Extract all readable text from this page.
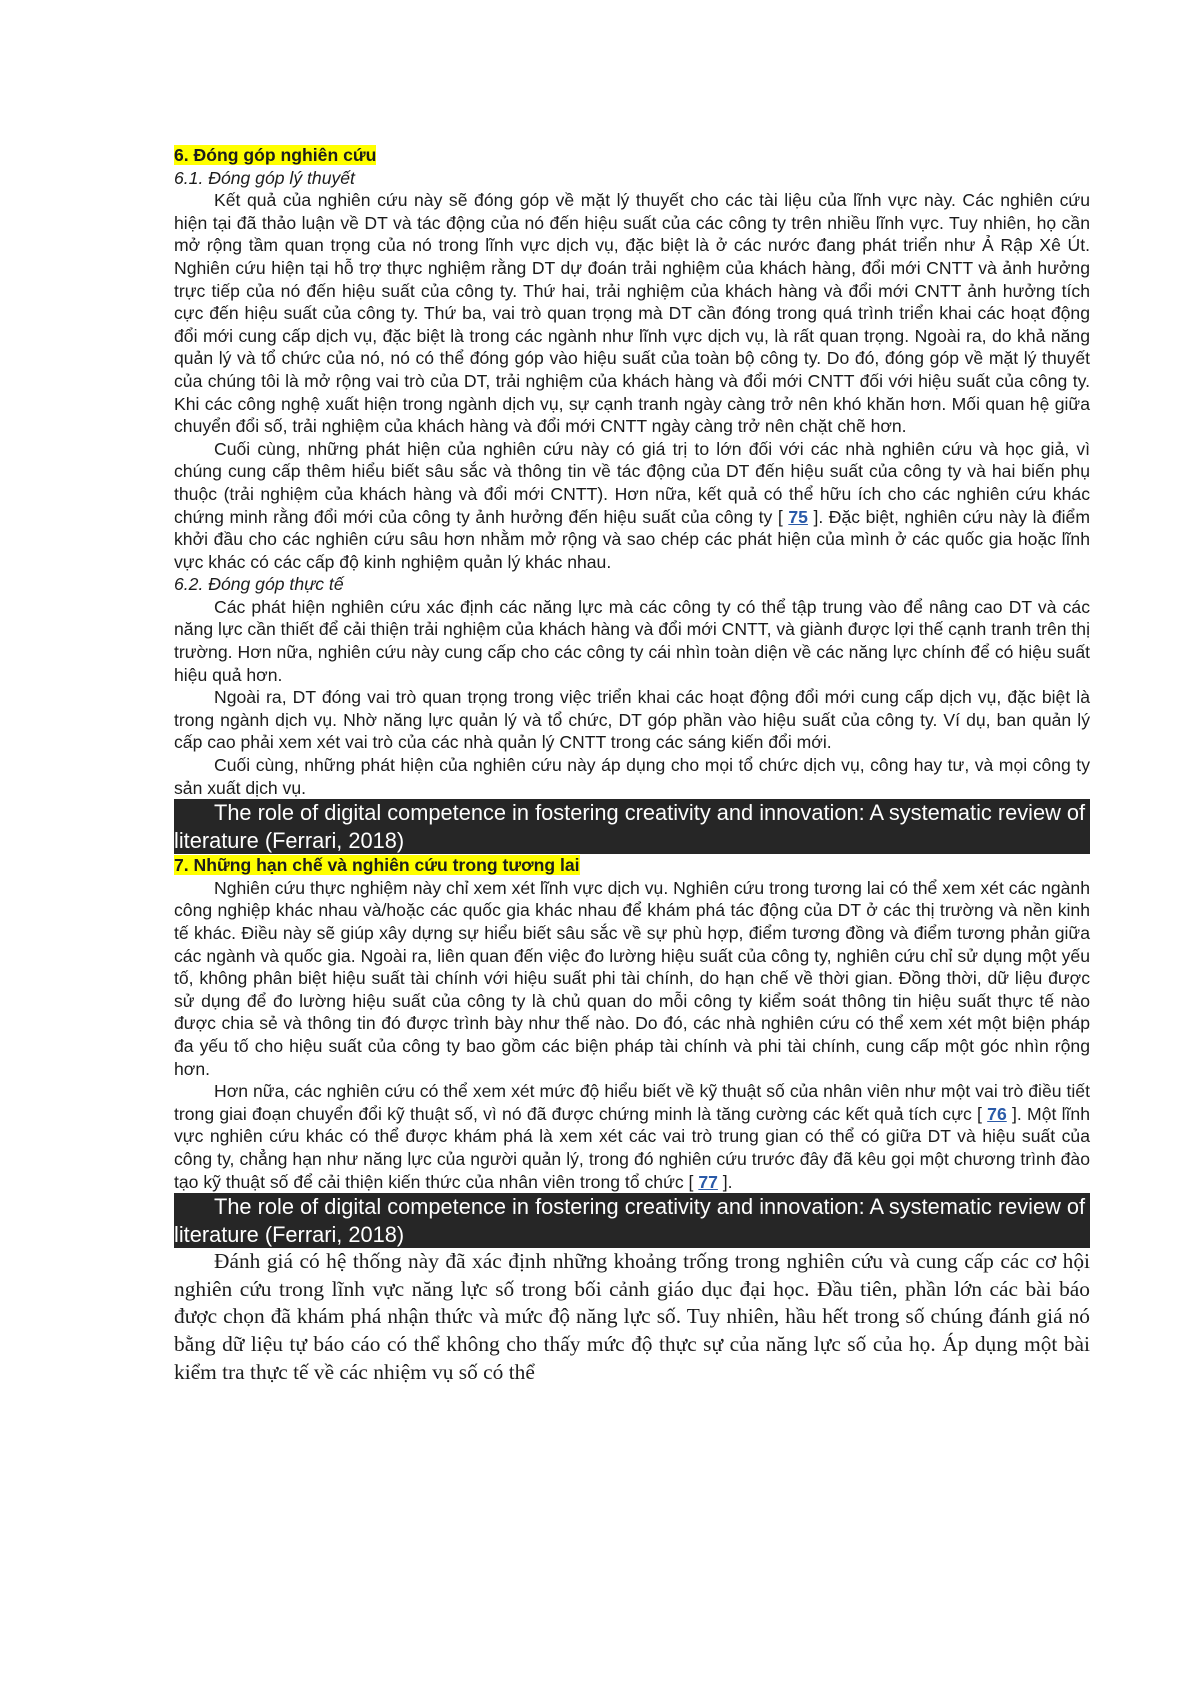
6. Đóng góp nghiên cứu
6.1. Đóng góp lý thuyết

Kết quả của nghiên cứu này sẽ đóng góp về mặt lý thuyết cho các tài liệu của lĩnh vực này. Các nghiên cứu hiện tại đã thảo luận về DT và tác động của nó đến hiệu suất của các công ty trên nhiều lĩnh vực. Tuy nhiên, họ cần mở rộng tầm quan trọng của nó trong lĩnh vực dịch vụ, đặc biệt là ở các nước đang phát triển như Ả Rập Xê Út. Nghiên cứu hiện tại hỗ trợ thực nghiệm rằng DT dự đoán trải nghiệm của khách hàng, đổi mới CNTT và ảnh hưởng trực tiếp của nó đến hiệu suất của công ty. Thứ hai, trải nghiệm của khách hàng và đổi mới CNTT ảnh hưởng tích cực đến hiệu suất của công ty. Thứ ba, vai trò quan trọng mà DT cần đóng trong quá trình triển khai các hoạt động đổi mới cung cấp dịch vụ, đặc biệt là trong các ngành như lĩnh vực dịch vụ, là rất quan trọng. Ngoài ra, do khả năng quản lý và tổ chức của nó, nó có thể đóng góp vào hiệu suất của toàn bộ công ty. Do đó, đóng góp về mặt lý thuyết của chúng tôi là mở rộng vai trò của DT, trải nghiệm của khách hàng và đổi mới CNTT đối với hiệu suất của công ty. Khi các công nghệ xuất hiện trong ngành dịch vụ, sự cạnh tranh ngày càng trở nên khó khăn hơn. Mối quan hệ giữa chuyển đổi số, trải nghiệm của khách hàng và đổi mới CNTT ngày càng trở nên chặt chẽ hơn.

Cuối cùng, những phát hiện của nghiên cứu này có giá trị to lớn đối với các nhà nghiên cứu và học giả, vì chúng cung cấp thêm hiểu biết sâu sắc và thông tin về tác động của DT đến hiệu suất của công ty và hai biến phụ thuộc (trải nghiệm của khách hàng và đổi mới CNTT). Hơn nữa, kết quả có thể hữu ích cho các nghiên cứu khác chứng minh rằng đổi mới của công ty ảnh hưởng đến hiệu suất của công ty [ 75 ]. Đặc biệt, nghiên cứu này là điểm khởi đầu cho các nghiên cứu sâu hơn nhằm mở rộng và sao chép các phát hiện của mình ở các quốc gia hoặc lĩnh vực khác có các cấp độ kinh nghiệm quản lý khác nhau.

6.2. Đóng góp thực tế

Các phát hiện nghiên cứu xác định các năng lực mà các công ty có thể tập trung vào để nâng cao DT và các năng lực cần thiết để cải thiện trải nghiệm của khách hàng và đổi mới CNTT, và giành được lợi thế cạnh tranh trên thị trường. Hơn nữa, nghiên cứu này cung cấp cho các công ty cái nhìn toàn diện về các năng lực chính để có hiệu suất hiệu quả hơn.

Ngoài ra, DT đóng vai trò quan trọng trong việc triển khai các hoạt động đổi mới cung cấp dịch vụ, đặc biệt là trong ngành dịch vụ. Nhờ năng lực quản lý và tổ chức, DT góp phần vào hiệu suất của công ty. Ví dụ, ban quản lý cấp cao phải xem xét vai trò của các nhà quản lý CNTT trong các sáng kiến đổi mới.

Cuối cùng, những phát hiện của nghiên cứu này áp dụng cho mọi tổ chức dịch vụ, công hay tư, và mọi công ty sản xuất dịch vụ.

The role of digital competence in fostering creativity and innovation: A systematic review of literature (Ferrari, 2018)
7. Những hạn chế và nghiên cứu trong tương lai

Nghiên cứu thực nghiệm này chỉ xem xét lĩnh vực dịch vụ. Nghiên cứu trong tương lai có thể xem xét các ngành công nghiệp khác nhau và/hoặc các quốc gia khác nhau để khám phá tác động của DT ở các thị trường và nền kinh tế khác. Điều này sẽ giúp xây dựng sự hiểu biết sâu sắc về sự phù hợp, điểm tương đồng và điểm tương phản giữa các ngành và quốc gia. Ngoài ra, liên quan đến việc đo lường hiệu suất của công ty, nghiên cứu chỉ sử dụng một yếu tố, không phân biệt hiệu suất tài chính với hiệu suất phi tài chính, do hạn chế về thời gian. Đồng thời, dữ liệu được sử dụng để đo lường hiệu suất của công ty là chủ quan do mỗi công ty kiểm soát thông tin hiệu suất thực tế nào được chia sẻ và thông tin đó được trình bày như thế nào. Do đó, các nhà nghiên cứu có thể xem xét một biện pháp đa yếu tố cho hiệu suất của công ty bao gồm các biện pháp tài chính và phi tài chính, cung cấp một góc nhìn rộng hơn.

Hơn nữa, các nghiên cứu có thể xem xét mức độ hiểu biết về kỹ thuật số của nhân viên như một vai trò điều tiết trong giai đoạn chuyển đổi kỹ thuật số, vì nó đã được chứng minh là tăng cường các kết quả tích cực [ 76 ]. Một lĩnh vực nghiên cứu khác có thể được khám phá là xem xét các vai trò trung gian có thể có giữa DT và hiệu suất của công ty, chẳng hạn như năng lực của người quản lý, trong đó nghiên cứu trước đây đã kêu gọi một chương trình đào tạo kỹ thuật số để cải thiện kiến thức của nhân viên trong tổ chức [ 77 ].

The role of digital competence in fostering creativity and innovation: A systematic review of literature (Ferrari, 2018)

Đánh giá có hệ thống này đã xác định những khoảng trống trong nghiên cứu và cung cấp các cơ hội nghiên cứu trong lĩnh vực năng lực số trong bối cảnh giáo dục đại học. Đầu tiên, phần lớn các bài báo được chọn đã khám phá nhận thức và mức độ năng lực số. Tuy nhiên, hầu hết trong số chúng đánh giá nó bằng dữ liệu tự báo cáo có thể không cho thấy mức độ thực sự của năng lực số của họ. Áp dụng một bài kiểm tra thực tế về các nhiệm vụ số có thể
